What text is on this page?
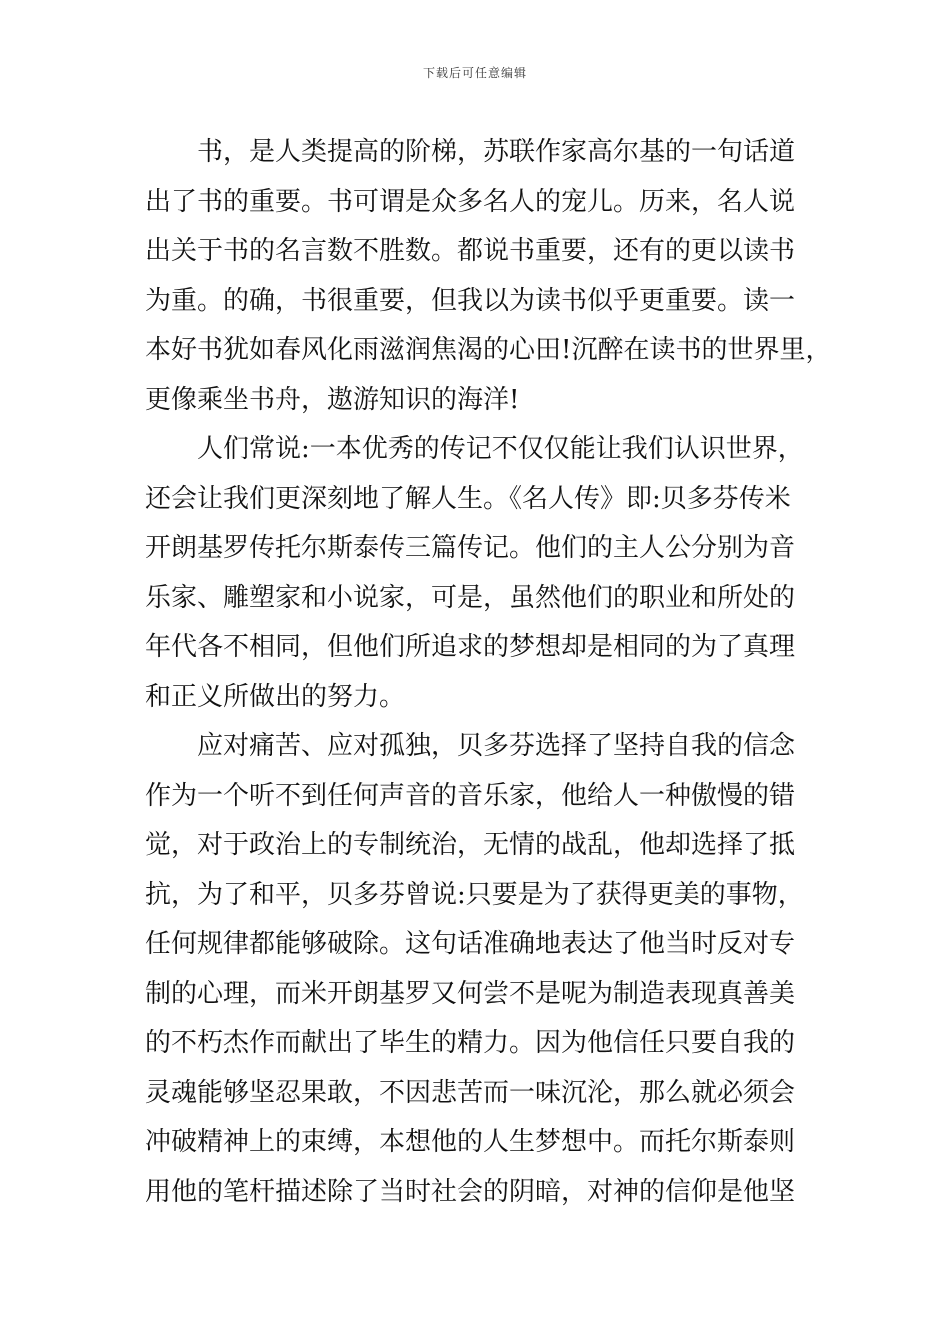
下载后可任意编辑
书，是人类提高的阶梯，苏联作家高尔基的一句话道
出了书的重要。书可谓是众多名人的宠儿。历来，名人说
出关于书的名言数不胜数。都说书重要，还有的更以读书
为重。的确，书很重要，但我以为读书似乎更重要。读一
本好书犹如春风化雨滋润焦渴的心田!沉醉在读书的世界里，
更像乘坐书舟，遨游知识的海洋!
人们常说:一本优秀的传记不仅仅能让我们认识世界，
还会让我们更深刻地了解人生。《名人传》即:贝多芬传米
开朗基罗传托尔斯泰传三篇传记。他们的主人公分别为音
乐家、雕塑家和小说家，可是，虽然他们的职业和所处的
年代各不相同，但他们所追求的梦想却是相同的为了真理
和正义所做出的努力。
应对痛苦、应对孤独，贝多芬选择了坚持自我的信念
作为一个听不到任何声音的音乐家，他给人一种傲慢的错
觉，对于政治上的专制统治，无情的战乱，他却选择了抵
抗，为了和平，贝多芬曾说:只要是为了获得更美的事物，
任何规律都能够破除。这句话准确地表达了他当时反对专
制的心理，而米开朗基罗又何尝不是呢为制造表现真善美
的不朽杰作而献出了毕生的精力。因为他信任只要自我的
灵魂能够坚忍果敢，不因悲苦而一味沉沦，那么就必须会
冲破精神上的束缚，本想他的人生梦想中。而托尔斯泰则
用他的笔杆描述除了当时社会的阴暗，对神的信仰是他坚
